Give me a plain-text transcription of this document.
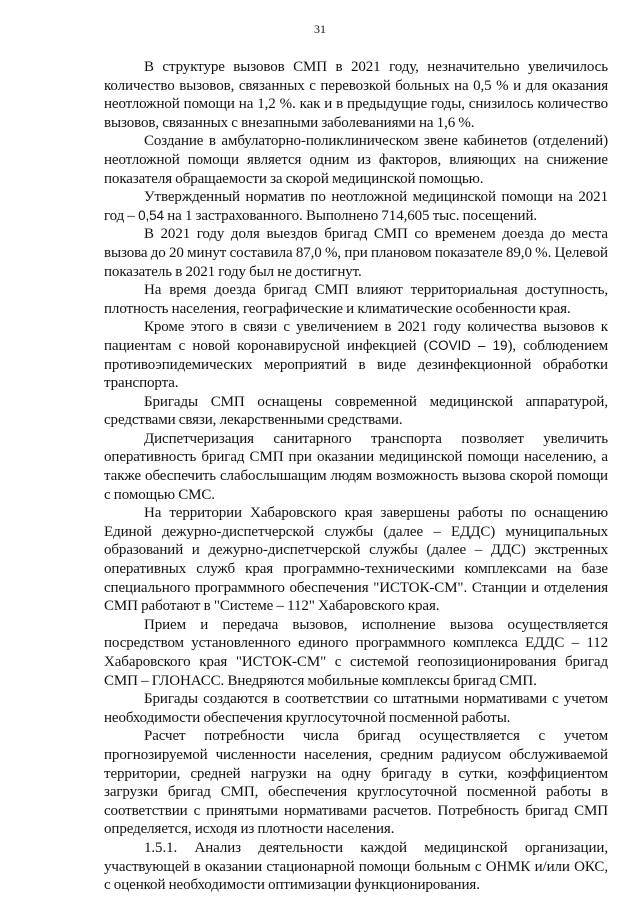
31

В структуре вызовов СМП в 2021 году, незначительно увеличилось количество вызовов, связанных с перевозкой больных на 0,5 % и для оказания неотложной помощи на 1,2 %. как и в предыдущие годы, снизилось количество вызовов, связанных с внезапными заболеваниями на 1,6 %.

Создание в амбулаторно-поликлиническом звене кабинетов (отделений) неотложной помощи является одним из факторов, влияющих на снижение показателя обращаемости за скорой медицинской помощью.

Утвержденный норматив по неотложной медицинской помощи на 2021 год – 0,54 на 1 застрахованного. Выполнено 714,605 тыс. посещений.

В 2021 году доля выездов бригад СМП со временем доезда до места вызова до 20 минут составила 87,0 %, при плановом показателе 89,0 %. Целевой показатель в 2021 году был не достигнут.

На время доезда бригад СМП влияют территориальная доступность, плотность населения, географические и климатические особенности края.

Кроме этого в связи с увеличением в 2021 году количества вызовов к пациентам с новой коронавирусной инфекцией (COVID – 19), соблюдением противоэпидемических мероприятий в виде дезинфекционной обработки транспорта.

Бригады СМП оснащены современной медицинской аппаратурой, средствами связи, лекарственными средствами.

Диспетчеризация санитарного транспорта позволяет увеличить оперативность бригад СМП при оказании медицинской помощи населению, а также обеспечить слабослышащим людям возможность вызова скорой помощи с помощью СМС.

На территории Хабаровского края завершены работы по оснащению Единой дежурно-диспетчерской службы (далее – ЕДДС) муниципальных образований и дежурно-диспетчерской службы (далее – ДДС) экстренных оперативных служб края программно-техническими комплексами на базе специального программного обеспечения "ИСТОК-СМ". Станции и отделения СМП работают в "Системе – 112" Хабаровского края.

Прием и передача вызовов, исполнение вызова осуществляется посредством установленного единого программного комплекса ЕДДС – 112 Хабаровского края "ИСТОК-СМ" с системой геопозиционирования бригад СМП – ГЛОНАСС. Внедряются мобильные комплексы бригад СМП.

Бригады создаются в соответствии со штатными нормативами с учетом необходимости обеспечения круглосуточной посменной работы.

Расчет потребности числа бригад осуществляется с учетом прогнозируемой численности населения, средним радиусом обслуживаемой территории, средней нагрузки на одну бригаду в сутки, коэффициентом загрузки бригад СМП, обеспечения круглосуточной посменной работы в соответствии с принятыми нормативами расчетов. Потребность бригад СМП определяется, исходя из плотности населения.

1.5.1. Анализ деятельности каждой медицинской организации, участвующей в оказании стационарной помощи больным с ОНМК и/или ОКС, с оценкой необходимости оптимизации функционирования.
